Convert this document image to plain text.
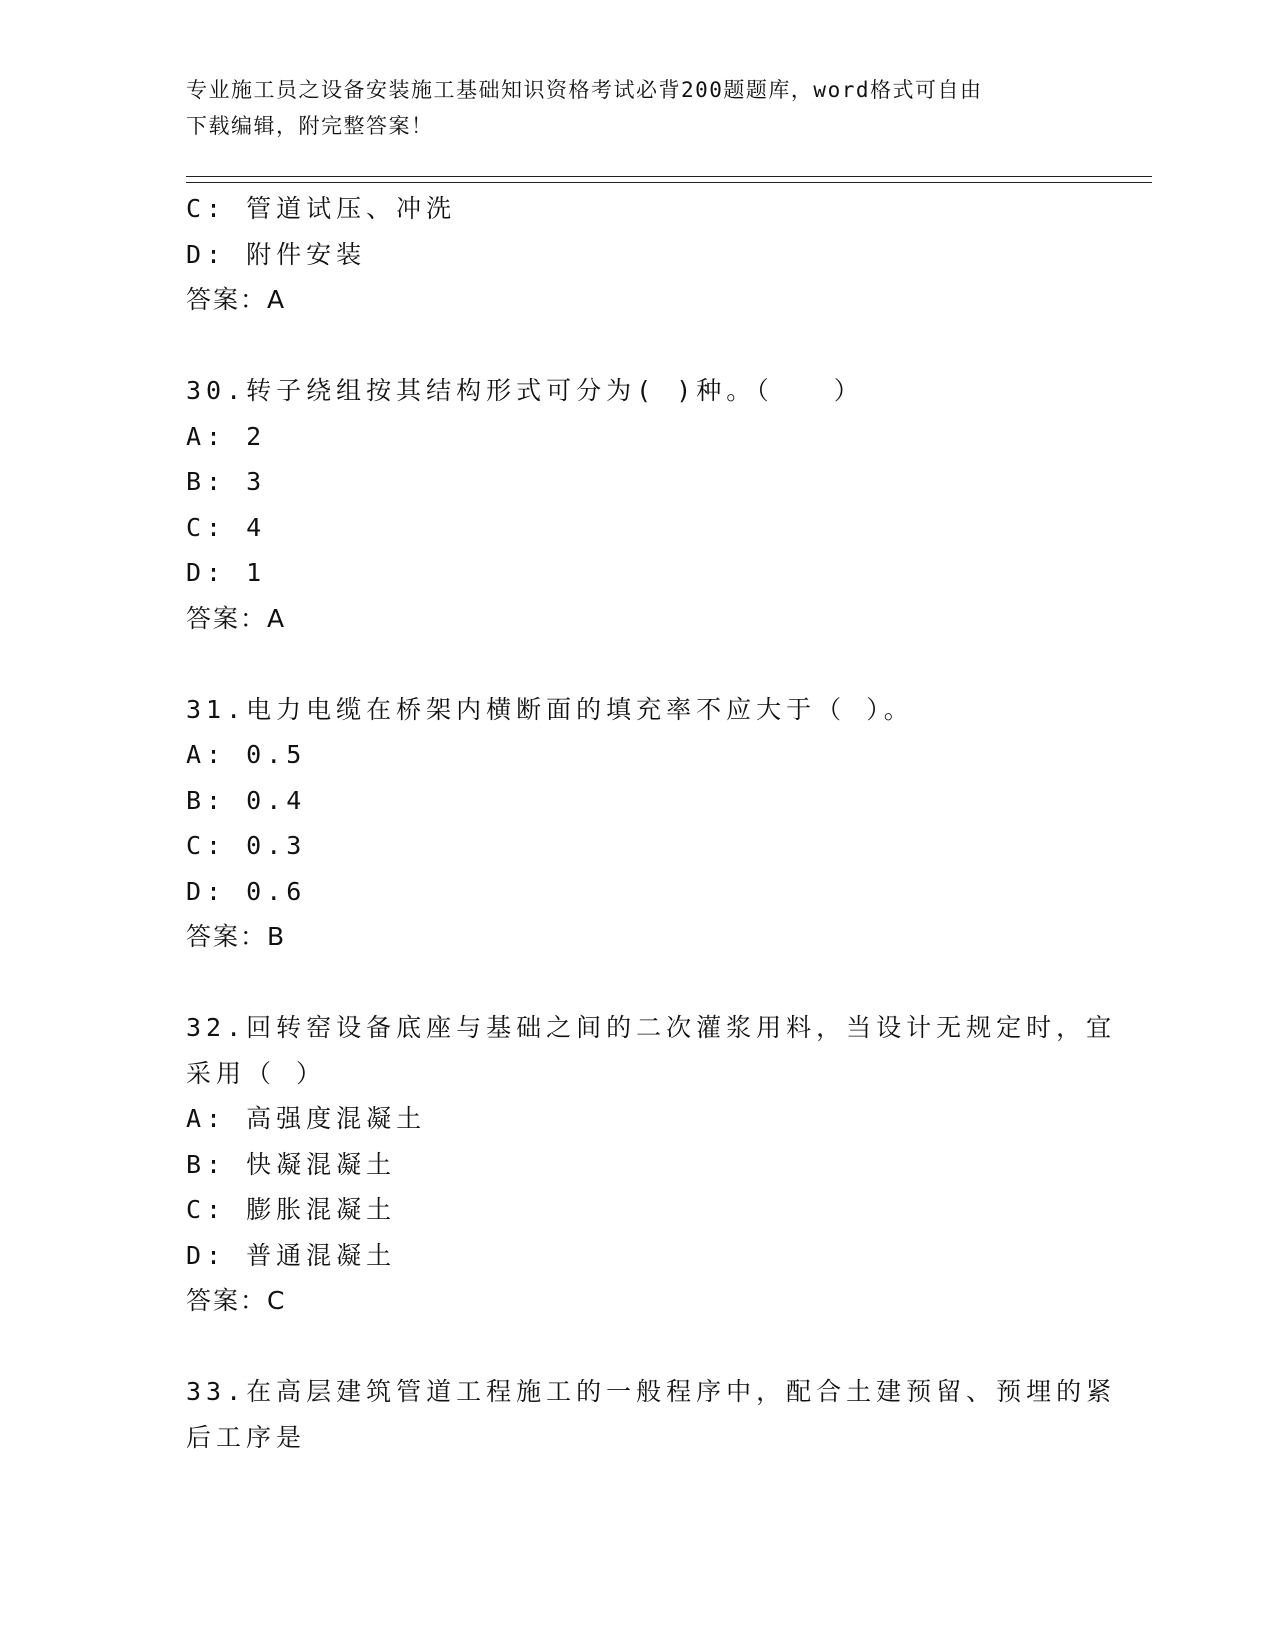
专业施工员之设备安装施工基础知识资格考试必背200题题库，word格式可自由
下载编辑，附完整答案！
C: 管道试压、冲洗
D: 附件安装
答案：A
30.转子绕组按其结构形式可分为( )种。（　　）
A: 2
B: 3
C: 4
D: 1
答案：A
31.电力电缆在桥架内横断面的填充率不应大于（ ）。
A: 0.5
B: 0.4
C: 0.3
D: 0.6
答案：B
32.回转窑设备底座与基础之间的二次灌浆用料，当设计无规定时，宜
采用（ ）
A: 高强度混凝土
B: 快凝混凝土
C: 膨胀混凝土
D: 普通混凝土
答案：C
33.在高层建筑管道工程施工的一般程序中，配合土建预留、预埋的紧
后工序是
